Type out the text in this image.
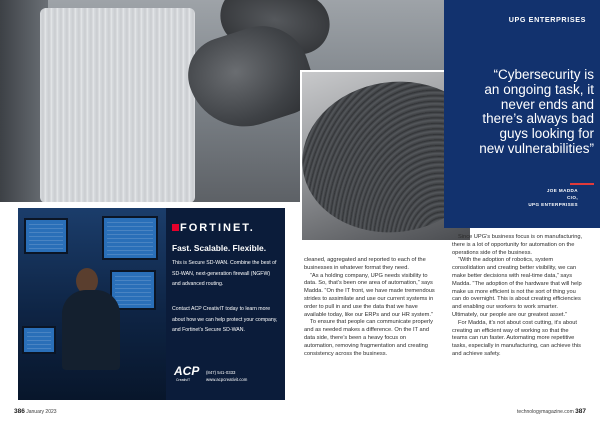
UPG ENTERPRISES
“Cybersecurity is an ongoing task, it never ends and there’s always bad guys looking for new vulnerabilities”
JOE MADDA
CIO,
UPG ENTERPRISES
FORTINET.
Fast. Scalable. Flexible.
This is Secure SD-WAN. Combine the best of SD-WAN, next-generation firewall (NGFW) and advanced routing.
Contact ACP CreativIT today to learn more about how we can help protect your company, and Fortinet’s Secure SD-WAN.
ACP
CreativIT
(847) 541-0333
www.acpcreativit.com

cleaned, aggregated and reported to each of the businesses in whatever format they need.

“As a holding company, UPG needs visibility to data. So, that’s been one area of automation,” says Madda. “On the IT front, we have made tremendous strides to assimilate and use our current systems in order to pull in and use the data that we have available today, like our ERPs and our HR system.”

To ensure that people can communicate properly and as needed makes a difference. On the IT and data side, there’s been a heavy focus on automation, removing fragmentation and creating consistency across the business.

Since UPG’s business focus is on manufacturing, there is a lot of opportunity for automation on the operations side of the business.

“With the adoption of robotics, system consolidation and creating better visibility, we can make better decisions with real-time data,” says Madda. “The adoption of the hardware that will help make us more efficient is not the sort of thing you can do overnight. This is about creating efficiencies and enabling our workers to work smarter. Ultimately, our people are our greatest asset.”

For Madda, it’s not about cost cutting, it’s about creating an efficient way of working so that the teams can run faster. Automating more repetitive tasks, especially in manufacturing, can achieve this and achieve safety.

386 January 2023	technologymagazine.com 387
